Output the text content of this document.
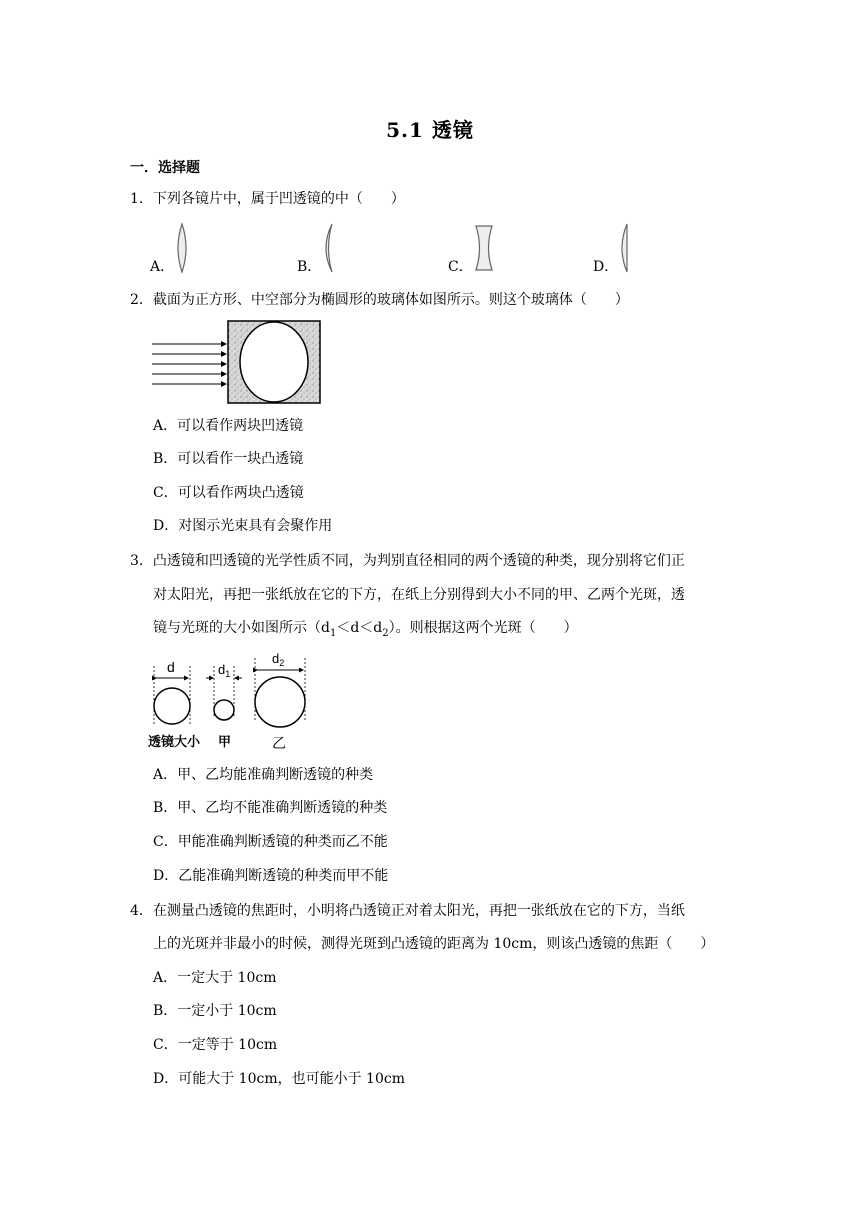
5.1 透镜
一．选择题
1．下列各镜片中，属于凹透镜的中（　　）
A．	B．	C．	D．
2．截面为正方形、中空部分为椭圆形的玻璃体如图所示。则这个玻璃体（　　）
A．可以看作两块凹透镜
B．可以看作一块凸透镜
C．可以看作两块凸透镜
D．对图示光束具有会聚作用
3．凸透镜和凹透镜的光学性质不同，为判别直径相同的两个透镜的种类，现分别将它们正
对太阳光，再把一张纸放在它的下方，在纸上分别得到大小不同的甲、乙两个光斑，透
镜与光斑的大小如图所示$(d_1<d<d_2)$。则根据这两个光斑（　　）
d	$d_1$
$d_2$
透镜大小 甲	乙
A．甲、乙均能准确判断透镜的种类
B．甲、乙均不能准确判断透镜的种类
C．甲能准确判断透镜的种类而乙不能
D．乙能准确判断透镜的种类而甲不能
4．在测量凸透镜的焦距时，小明将凸透镜正对着太阳光，再把一张纸放在它的下方，当纸
上的光斑并非最小的时候，测得光斑到凸透镜的距离为 10cm，则该凸透镜的焦距（　　）
A．一定大于 10cm
B．一定小于 10cm
C．一定等于 10cm
D．可能大于 10cm，也可能小于 10cm
